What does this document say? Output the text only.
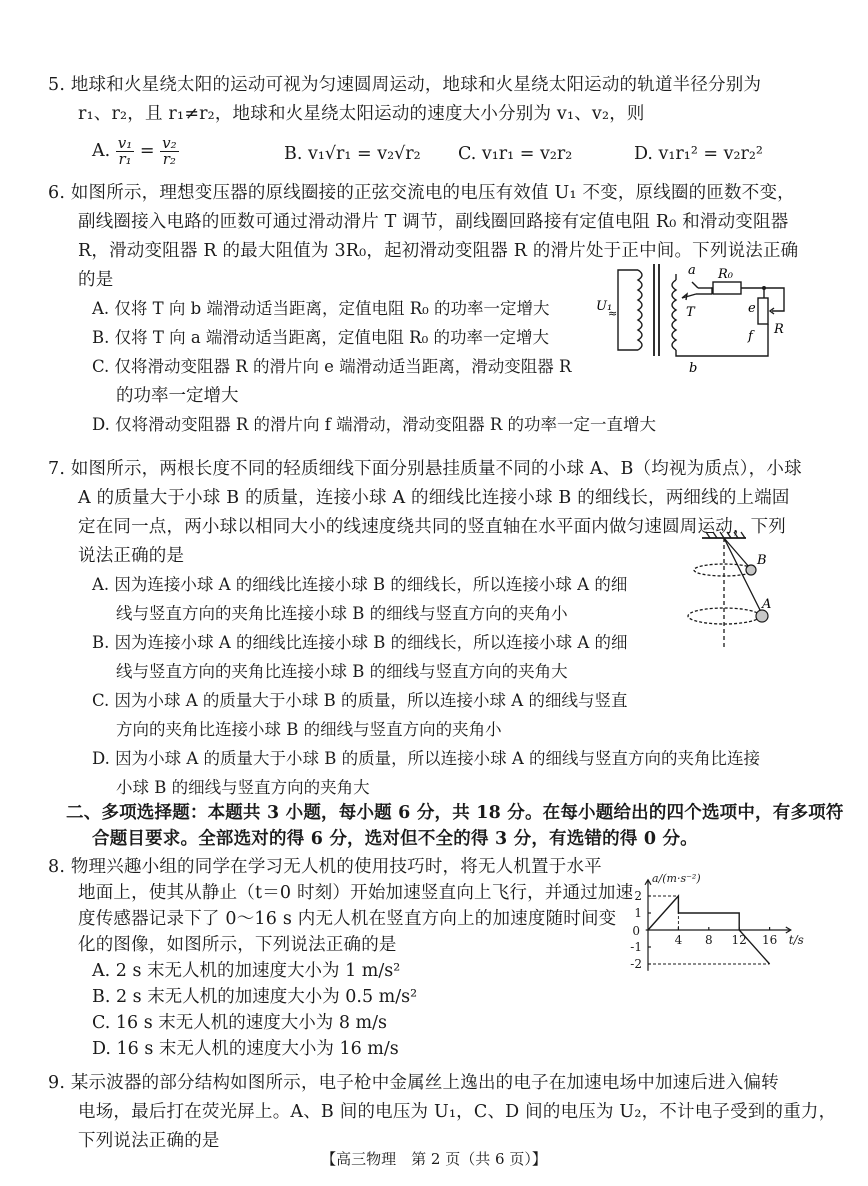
5. 地球和火星绕太阳的运动可视为匀速圆周运动，地球和火星绕太阳运动的轨道半径分别为
r₁、r₂，且 r₁≠r₂，地球和火星绕太阳运动的速度大小分别为 v₁、v₂，则
A. $\frac{\text{v₁}}{\text{r₁}} = \frac{\text{v₂}}{\text{r₂}}$	B. v₁√r₁ = v₂√r₂ C. v₁r₁ = v₂r₂	D. v₁r₁² = v₂r₂²
6. 如图所示，理想变压器的原线圈接的正弦交流电的电压有效值 U₁ 不变，原线圈的匝数不变，
副线圈接入电路的匝数可通过滑动滑片 T 调节，副线圈回路接有定值电阻 R₀ 和滑动变阻器
R，滑动变阻器 R 的最大阻值为 3R₀，起初滑动变阻器 R 的滑片处于正中间。下列说法正确
的是
A. 仅将 T 向 b 端滑动适当距离，定值电阻 R₀ 的功率一定增大
B. 仅将 T 向 a 端滑动适当距离，定值电阻 R₀ 的功率一定增大
C. 仅将滑动变阻器 R 的滑片向 e 端滑动适当距离，滑动变阻器 R
的功率一定增大
D. 仅将滑动变阻器 R 的滑片向 f 端滑动，滑动变阻器 R 的功率一定一直增大
U₁
≈
a
T
R₀
e
R
f
b
7. 如图所示，两根长度不同的轻质细线下面分别悬挂质量不同的小球 A、B（均视为质点），小球
A 的质量大于小球 B 的质量，连接小球 A 的细线比连接小球 B 的细线长，两细线的上端固
定在同一点，两小球以相同大小的线速度绕共同的竖直轴在水平面内做匀速圆周运动，下列
说法正确的是
A. 因为连接小球 A 的细线比连接小球 B 的细线长，所以连接小球 A 的细
线与竖直方向的夹角比连接小球 B 的细线与竖直方向的夹角小
B. 因为连接小球 A 的细线比连接小球 B 的细线长，所以连接小球 A 的细
线与竖直方向的夹角比连接小球 B 的细线与竖直方向的夹角大
C. 因为小球 A 的质量大于小球 B 的质量，所以连接小球 A 的细线与竖直
方向的夹角比连接小球 B 的细线与竖直方向的夹角小
D. 因为小球 A 的质量大于小球 B 的质量，所以连接小球 A 的细线与竖直方向的夹角比连接
小球 B 的细线与竖直方向的夹角大
B
A
二、多项选择题：本题共 3 小题，每小题 6 分，共 18 分。在每小题给出的四个选项中，有多项符
合题目要求。全部选对的得 6 分，选对但不全的得 3 分，有选错的得 0 分。
8. 物理兴趣小组的同学在学习无人机的使用技巧时，将无人机置于水平
地面上，使其从静止（t＝0 时刻）开始加速竖直向上飞行，并通过加速
度传感器记录下了 0～16 s 内无人机在竖直方向上的加速度随时间变
化的图像，如图所示，下列说法正确的是
A. 2 s 末无人机的加速度大小为 1 m/s²
B. 2 s 末无人机的加速度大小为 0.5 m/s²
C. 16 s 末无人机的速度大小为 8 m/s
D. 16 s 末无人机的速度大小为 16 m/s
2
1
-1
-2
4 8 12 16
0
a/(m·s⁻²)
t/s
9. 某示波器的部分结构如图所示，电子枪中金属丝上逸出的电子在加速电场中加速后进入偏转
电场，最后打在荧光屏上。A、B 间的电压为 U₁，C、D 间的电压为 U₂，不计电子受到的重力，
【高三物理　第 2 页（共 6 页）】
下列说法正确的是
